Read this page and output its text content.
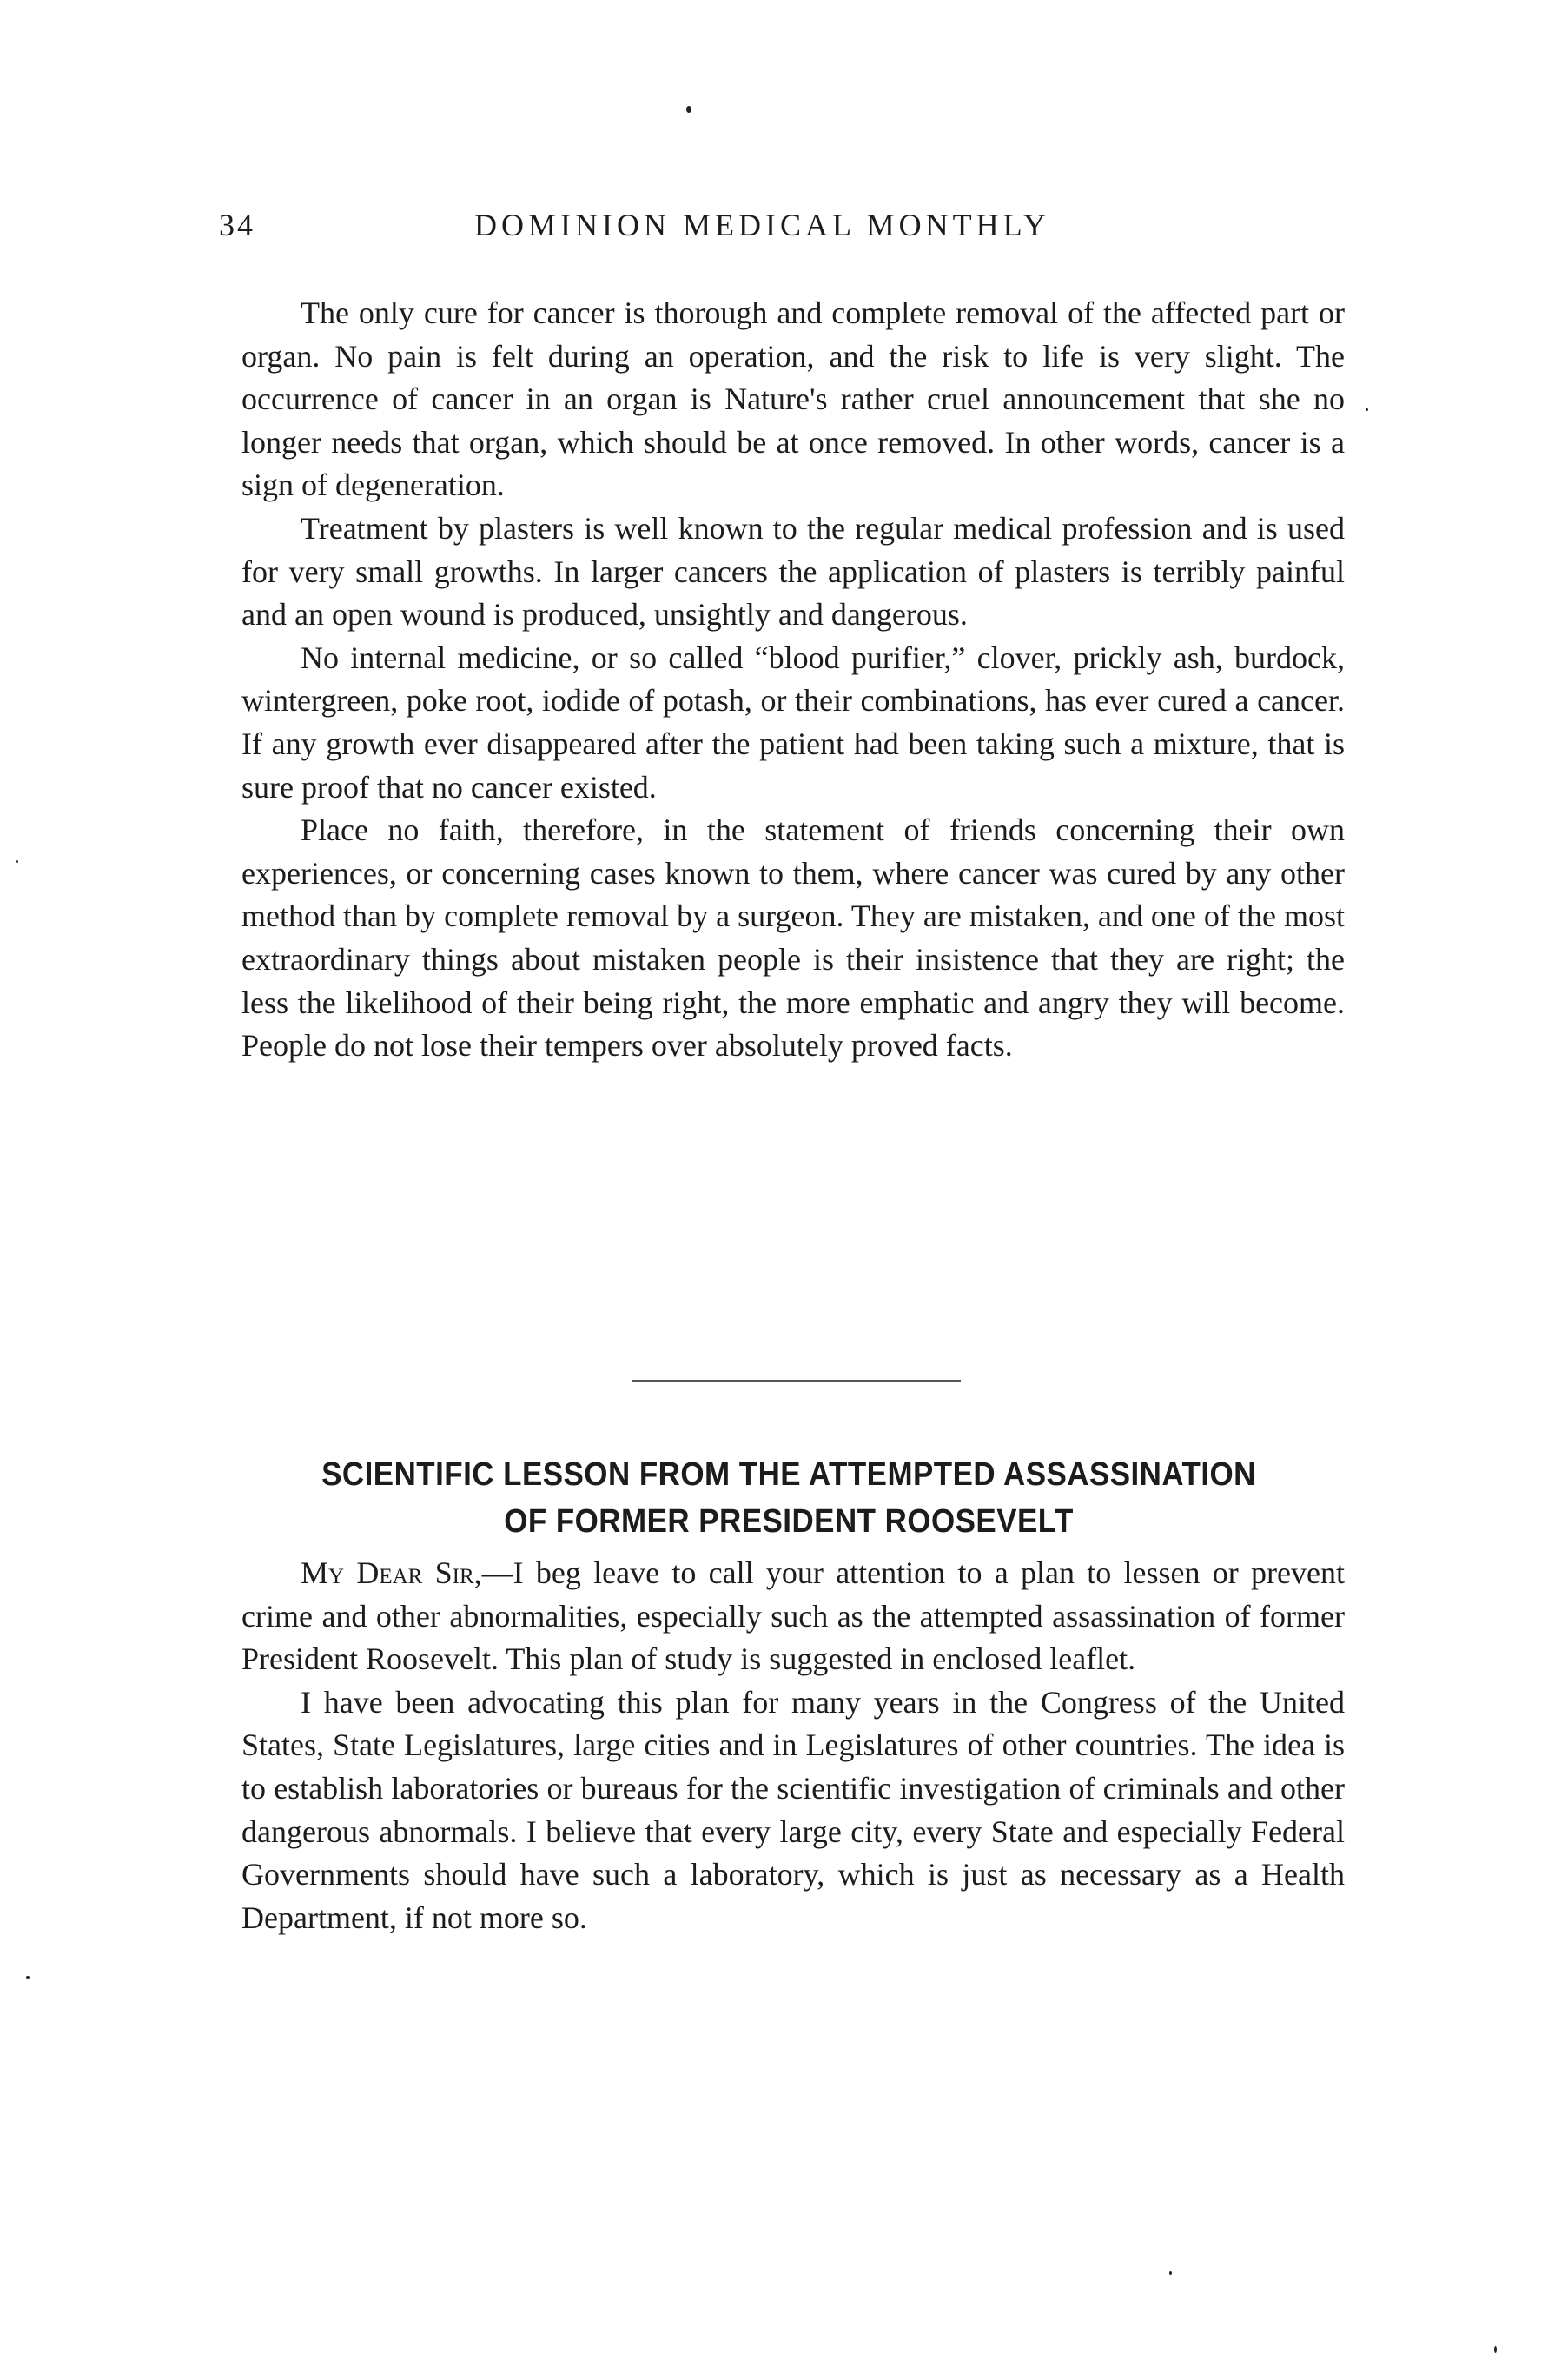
34	DOMINION MEDICAL MONTHLY

The only cure for cancer is thorough and complete removal of the affected part or organ. No pain is felt during an operation, and the risk to life is very slight. The occurrence of cancer in an organ is Nature's rather cruel announcement that she no longer needs that organ, which should be at once removed. In other words, cancer is a sign of degeneration.

Treatment by plasters is well known to the regular medical profession and is used for very small growths. In larger cancers the application of plasters is terribly painful and an open wound is produced, unsightly and dangerous.

No internal medicine, or so called “blood purifier,” clover, prickly ash, burdock, wintergreen, poke root, iodide of potash, or their combinations, has ever cured a cancer. If any growth ever disappeared after the patient had been taking such a mixture, that is sure proof that no cancer existed.

Place no faith, therefore, in the statement of friends concerning their own experiences, or concerning cases known to them, where cancer was cured by any other method than by complete removal by a surgeon. They are mistaken, and one of the most extraordinary things about mistaken people is their insistence that they are right; the less the likelihood of their being right, the more emphatic and angry they will become. People do not lose their tempers over absolutely proved facts.

SCIENTIFIC LESSON FROM THE ATTEMPTED ASSASSINATION
OF FORMER PRESIDENT ROOSEVELT

My Dear Sir,—I beg leave to call your attention to a plan to lessen or prevent crime and other abnormalities, especially such as the attempted assassination of former President Roosevelt. This plan of study is suggested in enclosed leaflet.

I have been advocating this plan for many years in the Congress of the United States, State Legislatures, large cities and in Legislatures of other countries. The idea is to establish laboratories or bureaus for the scientific investigation of criminals and other dangerous abnormals. I believe that every large city, every State and especially Federal Governments should have such a laboratory, which is just as necessary as a Health Department, if not more so.
